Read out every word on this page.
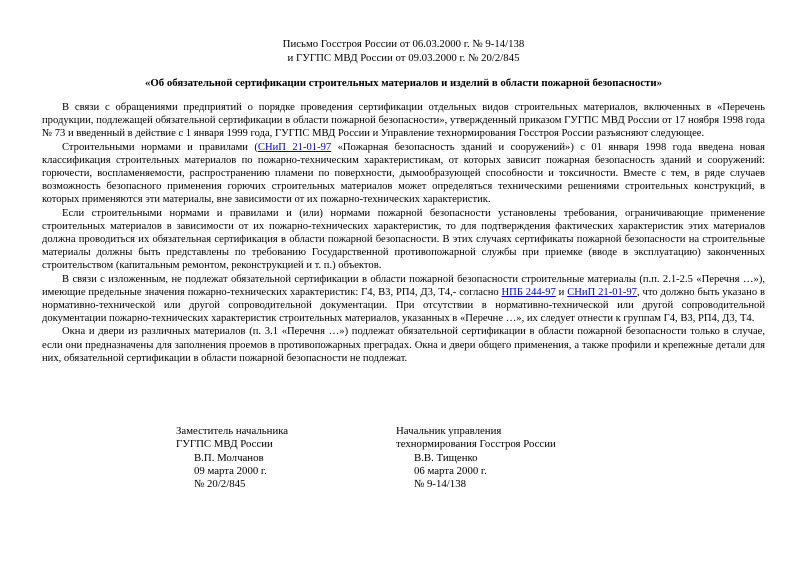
Письмо Госстроя России от 06.03.2000 г. № 9-14/138
и ГУГПС МВД России от 09.03.2000 г. № 20/2/845
«Об обязательной сертификации строительных материалов и изделий в области пожарной безопасности»

В связи с обращениями предприятий о порядке проведения сертификации отдельных видов строительных материалов, включенных в «Перечень продукции, подлежащей обязательной сертификации в области пожарной безопасности», утвержденный приказом ГУГПС МВД России от 17 ноября 1998 года № 73 и введенный в действие с 1 января 1999 года, ГУГПС МВД России и Управление технормирования Госстроя России разъясняют следующее.

Строительными нормами и правилами (СНиП 21-01-97 «Пожарная безопасность зданий и сооружений») с 01 января 1998 года введена новая классификация строительных материалов по пожарно-техническим характеристикам, от которых зависит пожарная безопасность зданий и сооружений: горючести, воспламеняемости, распространению пламени по поверхности, дымообразующей способности и токсичности. Вместе с тем, в ряде случаев возможность безопасного применения горючих строительных материалов может определяться техническими решениями строительных конструкций, в которых применяются эти материалы, вне зависимости от их пожарно-технических характеристик.

Если строительными нормами и правилами и (или) нормами пожарной безопасности установлены требования, ограничивающие применение строительных материалов в зависимости от их пожарно-технических характеристик, то для подтверждения фактических характеристик этих материалов должна проводиться их обязательная сертификация в области пожарной безопасности. В этих случаях сертификаты пожарной безопасности на строительные материалы должны быть представлены по требованию Государственной противопожарной службы при приемке (вводе в эксплуатацию) законченных строительством (капитальным ремонтом, реконструкцией и т. п.) объектов.

В связи с изложенным, не подлежат обязательной сертификации в области пожарной безопасности строительные материалы (п.п. 2.1-2.5 «Перечня …»), имеющие предельные значения пожарно-технических характеристик: Г4, В3, РП4, Д3, Т4,- согласно НПБ 244-97 и СНиП 21-01-97, что должно быть указано в нормативно-технической или другой сопроводительной документации. При отсутствии в нормативно-технической или другой сопроводительной документации пожарно-технических характеристик строительных материалов, указанных в «Перечне …», их следует отнести к группам Г4, В3, РП4, Д3, Т4.

Окна и двери из различных материалов (п. 3.1 «Перечня …») подлежат обязательной сертификации в области пожарной безопасности только в случае, если они предназначены для заполнения проемов в противопожарных преградах. Окна и двери общего применения, а также профили и крепежные детали для них, обязательной сертификации в области пожарной безопасности не подлежат.

Заместитель начальника
ГУГПС МВД России
В.П. Молчанов
09 марта 2000 г.
№ 20/2/845
Начальник управления
технормирования Госстроя России
В.В. Тищенко
06 марта 2000 г.
№ 9-14/138
